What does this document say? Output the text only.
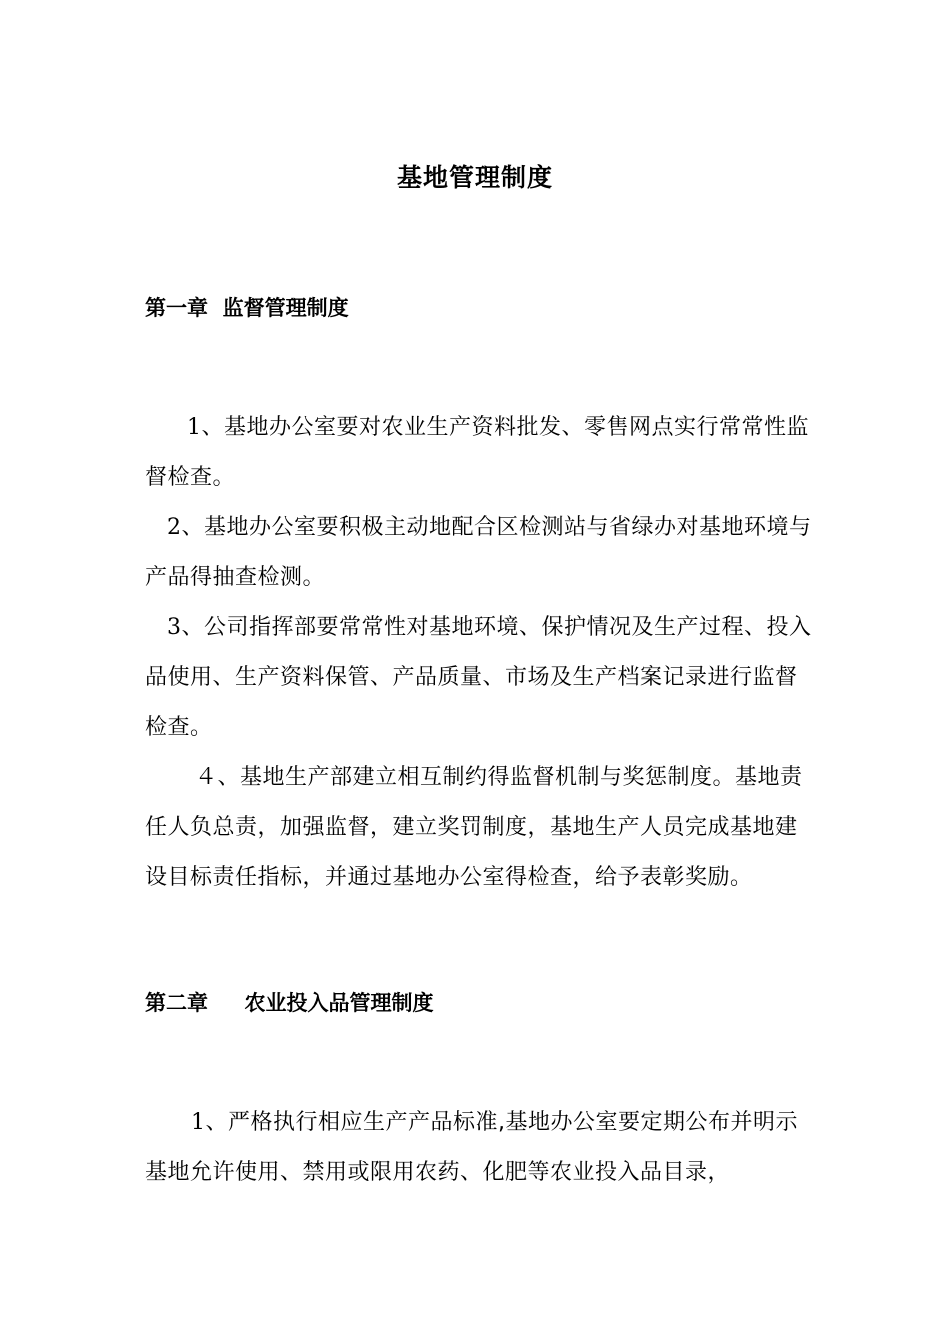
基地管理制度
第一章  监督管理制度
1、基地办公室要对农业生产资料批发、零售网点实行常常性监督检查。
2、基地办公室要积极主动地配合区检测站与省绿办对基地环境与产品得抽查检测。
3、公司指挥部要常常性对基地环境、保护情况及生产过程、投入品使用、生产资料保管、产品质量、市场及生产档案记录进行监督检查。
４、基地生产部建立相互制约得监督机制与奖惩制度。基地责任人负总责，加强监督，建立奖罚制度，基地生产人员完成基地建设目标责任指标，并通过基地办公室得检查，给予表彰奖励。
第二章     农业投入品管理制度
1、严格执行相应生产产品标准,基地办公室要定期公布并明示基地允许使用、禁用或限用农药、化肥等农业投入品目录，
